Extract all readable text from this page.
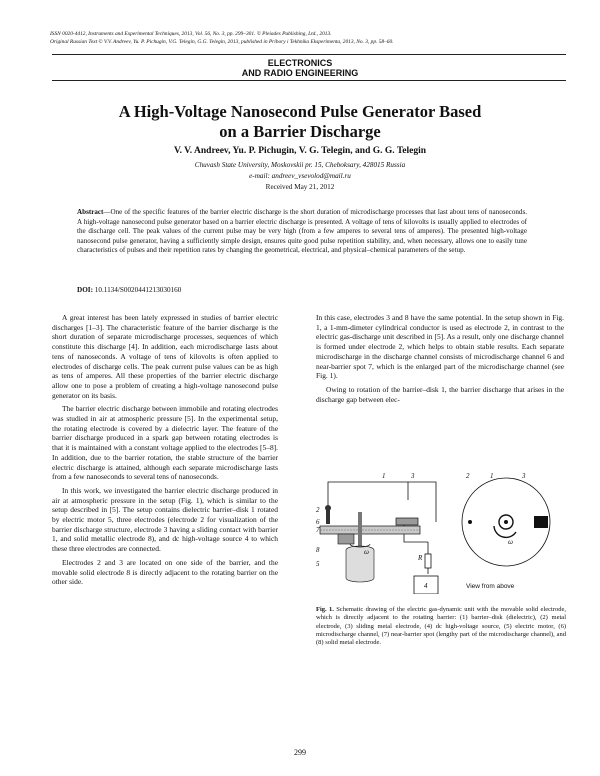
ISSN 0020-4412, Instruments and Experimental Techniques, 2013, Vol. 56, No. 3, pp. 299–301. © Pleiades Publishing, Ltd., 2013.
Original Russian Text © V.V. Andreev, Yu. P. Pichugin, V.G. Telegin, G.G. Telegin, 2013, published in Pribory i Tekhnika Eksperimenta, 2013, No. 3, pp. 58–60.
ELECTRONICS
AND RADIO ENGINEERING
A High-Voltage Nanosecond Pulse Generator Based
on a Barrier Discharge
V. V. Andreev, Yu. P. Pichugin, V. G. Telegin, and G. G. Telegin
Chuvash State University, Moskovskii pr. 15, Cheboksary, 428015 Russia
e-mail: andreev_vsevolod@mail.ru
Received May 21, 2012
Abstract—One of the specific features of the barrier electric discharge is the short duration of microdischarge processes that last about tens of nanoseconds. A high-voltage nanosecond pulse generator based on a barrier electric discharge is presented. A voltage of tens of kilovolts is usually applied to electrodes of the discharge cell. The peak values of the current pulse may be very high (from a few amperes to several tens of amperes). The presented high-voltage nanosecond pulse generator, having a sufficiently simple design, ensures quite good pulse repetition stability, and, when necessary, allows one to easily tune characteristics of pulses and their repetition rates by changing the geometrical, electrical, and physical–chemical parameters of the setup.
DOI: 10.1134/S0020441213030160

A great interest has been lately expressed in studies of barrier electric discharges [1–3]. The characteristic feature of the barrier discharge is the short duration of separate microdischarge processes, sequences of which constitute this discharge [4]. In addition, each microdischarge lasts about tens of nanoseconds. A voltage of tens of kilovolts is often applied to electrodes of discharge cells. The peak current pulse values can be as high as tens of amperes. All these properties of the barrier electric discharge allow one to pose a problem of creating a high-voltage nanosecond pulse generator on its basis.

The barrier electric discharge between immobile and rotating electrodes was studied in air at atmospheric pressure [5]. In the experimental setup, the rotating electrode is covered by a dielectric layer. The feature of the barrier discharge produced in a spark gap between rotating electrodes is that it is maintained with a constant voltage applied to the electrodes [5–8]. In addition, due to the barrier rotation, the stable structure of the barrier electric discharge is attained, although each separate microdischarge lasts from a few nanoseconds to several tens of nanoseconds.

In this work, we investigated the barrier electric discharge produced in air at atmospheric pressure in the setup (Fig. 1), which is similar to the setup described in [5]. The setup contains dielectric barrier–disk 1 rotated by electric motor 5, three electrodes (electrode 2 for visualization of the barrier discharge structure, electrode 3 having a sliding contact with barrier 1, and solid metallic electrode 8), and dc high-voltage source 4 to which these three electrodes are connected.

Electrodes 2 and 3 are located on one side of the barrier, and the movable solid electrode 8 is directly adjacent to the rotating barrier on the other side.

In this case, electrodes 3 and 8 have the same potential. In the setup shown in Fig. 1, a 1-mm-dimeter cylindrical conductor is used as electrode 2, in contrast to the electric gas-discharge unit described in [5]. As a result, only one discharge channel is formed under electrode 2, which helps to obtain stable results. Each separate microdischarge in the discharge channel consists of microdischarge channel 6 and near-barrier spot 7, which is the enlarged part of the microdischarge channel (see Fig. 1).

Owing to rotation of the barrier–disk 1, the barrier discharge that arises in the discharge gap between elec-

1	3	2	1	3
2
6
7
8
5
R
4
ω
ω
View from above
Fig. 1. Schematic drawing of the electric gas-dynamic unit with the movable solid electrode, which is directly adjacent to the rotating barrier: (1) barrier–disk (dielectric), (2) metal electrode, (3) sliding metal electrode, (4) dc high-voltage source, (5) electric motor, (6) microdischarge channel, (7) near-barrier spot (lengthy part of the microdischarge channel), and (8) solid metal electrode.
299
